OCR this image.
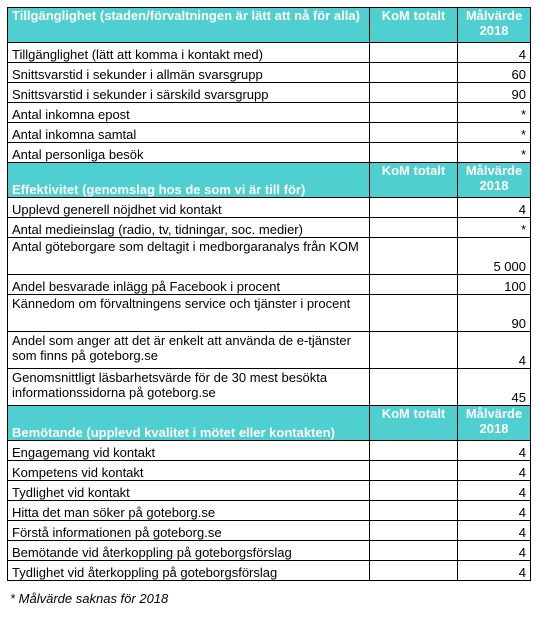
Tillgänglighet (staden/förvaltningen är lätt att nå för alla)	KoM totalt	Målvärde 2018
Tillgänglighet (lätt att komma i kontakt med)		4
Snittsvarstid i sekunder i allmän svarsgrupp		60
Snittsvarstid i sekunder i särskild svarsgrupp		90
Antal inkomna epost		*
Antal inkomna samtal		*
Antal personliga besök		*
Effektivitet (genomslag hos de som vi är till för)	KoM totalt	Målvärde 2018
Upplevd generell nöjdhet vid kontakt		4
Antal medieinslag (radio, tv, tidningar, soc. medier)		*
Antal göteborgare som deltagit i medborgaranalys från KOM		5 000
Andel besvarade inlägg på Facebook i procent		100
Kännedom om förvaltningens service och tjänster i procent		90
Andel som anger att det är enkelt att använda de e-tjänster som finns på goteborg.se		4
Genomsnittligt läsbarhetsvärde för de 30 mest besökta informationssidorna på goteborg.se		45
Bemötande (upplevd kvalitet i mötet eller kontakten)	KoM totalt	Målvärde 2018
Engagemang vid kontakt		4
Kompetens vid kontakt		4
Tydlighet vid kontakt		4
Hitta det man söker på goteborg.se		4
Förstå informationen på goteborg.se		4
Bemötande vid återkoppling på goteborgsförslag		4
Tydlighet vid återkoppling på goteborgsförslag		4
* Målvärde saknas för 2018
